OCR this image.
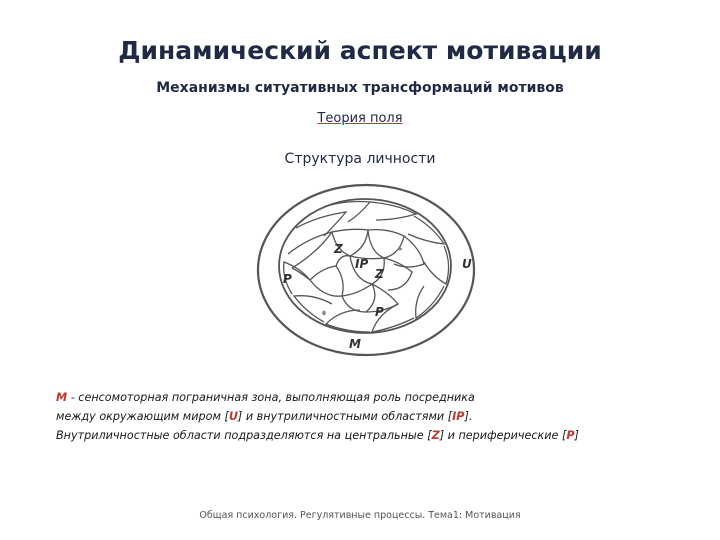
Динамический аспект мотивации
Механизмы ситуативных трансформаций мотивов
Теория поля
Структура личности
Z
IP
Z
P
P
M
U
M - сенсомоторная пограничная зона, выполняющая роль посредника
между окружающим миром [U] и внутриличностными областями [IP].
Внутриличностные области подразделяются на центральные [Z] и периферические [P]
Общая психология. Регулятивные процессы. Тема1: Мотивация
